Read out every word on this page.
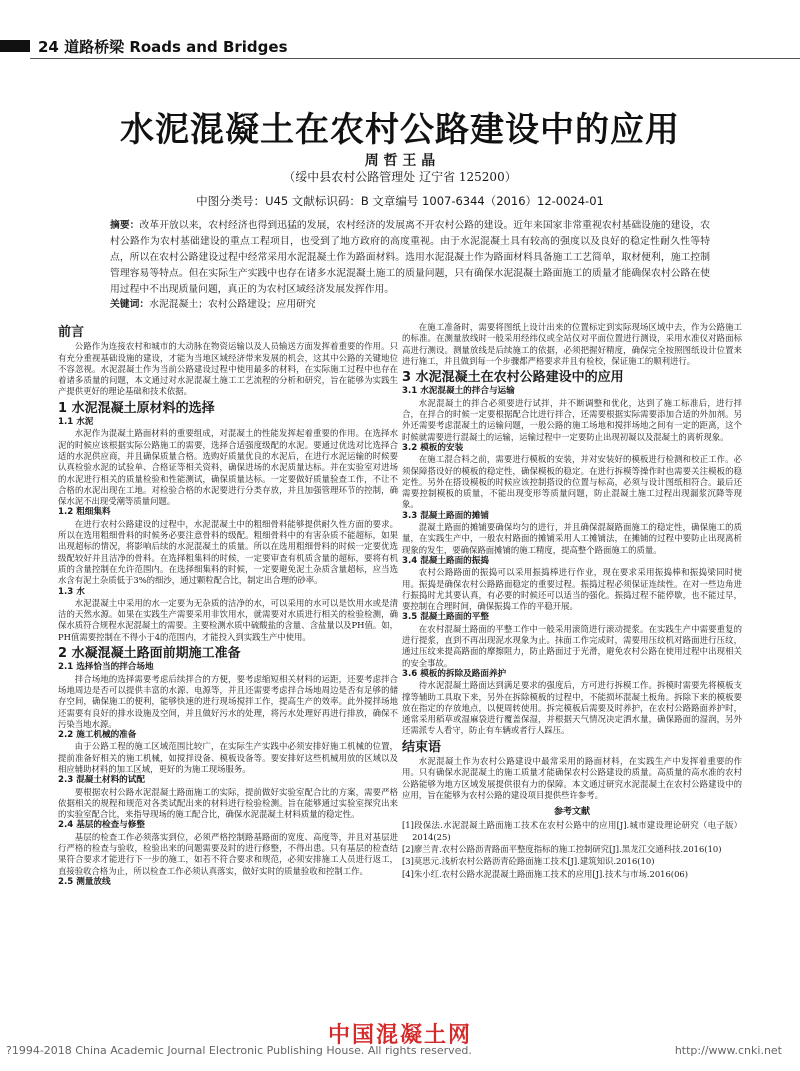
24 道路桥梁 Roads and Bridges
水泥混凝土在农村公路建设中的应用
周 哲 王 晶
（绥中县农村公路管理处 辽宁省 125200）
中图分类号：U45 文献标识码：B 文章编号 1007-6344（2016）12-0024-01
摘要：改革开放以来，农村经济也得到迅猛的发展，农村经济的发展离不开农村公路的建设。近年来国家非常重视农村基础设施的建设，农村公路作为农村基础建设的重点工程项目，也受到了地方政府的高度重视。由于水泥混凝土具有较高的强度以及良好的稳定性耐久性等特点，所以在农村公路建设过程中经常采用水泥混凝土作为路面材料。选用水泥混凝土作为路面材料具备施工工艺简单，取材便利，施工控制管理容易等特点。但在实际生产实践中也存在诸多水泥混凝土施工的质量问题，只有确保水泥混凝土路面施工的质量才能确保农村公路在使用过程中不出现质量问题，真正的为农村区域经济发展发挥作用。
关键词：水泥混凝土；农村公路建设；应用研究
前言

公路作为连接农村和城市的大动脉在物资运输以及人员输送方面发挥着重要的作用。只有充分重视基础设施的建设，才能为当地区域经济带来发展的机会，这其中公路的关键地位不容忽视。水泥混凝土作为当前公路建设过程中使用最多的材料，在实际施工过程中也存在着诸多质量的问题，本文通过对水泥混凝土施工工艺流程的分析和研究，旨在能够为实践生产提供更好的理论基础和技术依据。

1 水泥混凝土原材料的选择
1.1 水泥

水泥作为混凝土路面材料的重要组成，对混凝土的性能发挥起着重要的作用。在选择水泥的时候应该根据实际公路施工的需要，选择合适强度级配的水泥。要通过优选对比选择合适的水泥供应商，并且确保质量合格。选购好质量优良的水泥后，在进行水泥运输的时候要认真检验水泥的试验单、合格证等相关资料，确保进场的水泥质量达标。并在实验室对进场的水泥进行相关的质量检验和性能测试，确保质量达标。一定要做好质量验查工作，不让不合格的水泥出现在工地。对检验合格的水泥要进行分类存放，并且加强管理环节的控制，确保水泥不出现受潮等质量问题。

1.2 粗细集料

在进行农村公路建设的过程中，水泥混凝土中的粗细骨料能够提供耐久性方面的要求。所以在选用粗细骨料的时候务必要注意骨料的级配。粗细骨料中的有害杂质不能超标，如果出现超标的情况，将影响后续的水泥混凝土的质量。所以在选用粗细骨料的时候一定要优选级配较好并且洁净的骨料。在选择粗集料的时候，一定要审查有机质含量的超标，要将有机质的含量控制在允许范围内。在选择细集料的时候，一定要避免泥土杂质含量超标，应当选水含有泥土杂质低于3%的细沙，通过颗粒配合比，制定出合理的砂率。

1.3 水

水泥混凝土中采用的水一定要为无杂质的洁净的水，可以采用的水可以是饮用水或是清洁的天然水源。如果在实践生产需要采用非饮用水，就需要对水质进行相关的检验检测，确保水质符合规程水泥混凝土的需要。主要检测水质中硫酸盐的含量、含盐量以及PH值。如，PH值需要控制在不得小于4的范围内，才能投入到实践生产中使用。

2 水凝混凝土路面前期施工准备
2.1 选择恰当的拌合场地

拌合场地的选择需要考虑后续拌合的方便，要考虑缩短相关材料的运距，还要考虑拌合场地周边是否可以提供丰富的水源、电源等，并且还需要考虑拌合场地周边是否有足够的储存空间，确保施工的便利，能够快速的进行现场搅拌工作，提高生产的效率。此外搅拌场地还需要有良好的排水设施及空间，并且做好污水的处理，将污水处理好再进行排放，确保不污染当地水源。

2.2 施工机械的准备

由于公路工程的施工区域范围比较广，在实际生产实践中必须安排好施工机械的位置，提前准备好相关的施工机械，如搅拌设备、模板设备等。要安排好这些机械用放的区域以及相应辅助材料的加工区域，更好的为施工现场服务。

2.3 混凝土材料的试配

要根据农村公路水泥混凝土路面施工的实际，提前做好实验室配合比的方案，需要严格依据相关的规程和规范对各类试配出来的材料进行检验检测。旨在能够通过实验室探究出来的实验室配合比，来指导现场的施工配合比，确保水泥混凝土材料质量的稳定性。

2.4 基层的检查与修整

基层的检查工作必须落实到位，必须严格控制路基路面的宽度、高度等，并且对基层进行严格的检查与验收，检验出来的问题需要及时的进行修整，不得出患。只有基层的检查结果符合要求才能进行下一步的施工，如若不符合要求和规范，必须安排施工人员进行返工，直接验收合格为止，所以检查工作必须认真落实，做好实时的质量验收和控制工作。

2.5 测量放线

在施工准备时，需要将图纸上设计出来的位置标定到实际现场区域中去，作为公路施工的标准。在测量放线时一般采用经纬仪或全站仪对平面位置进行测设，采用水准仪对路面标高进行测设。测量放线是后续施工的依据，必须把握好精度，确保完全按照图纸设计位置来进行施工，并且做到每一个步骤都严格要求并且有检校，保证施工的顺利进行。

3 水泥混凝土在农村公路建设中的应用
3.1 水泥混凝土的拌合与运输

水泥混凝土的拌合必须要进行试拌，并不断调整和优化，达到了施工标准后，进行拌合，在拌合的时候一定要根据配合比进行拌合，还需要根据实际需要添加合适的外加剂。另外还需要考虑混凝土的运输问题，一般公路的施工场地和搅拌场地之间有一定的距离，这个时候就需要进行混凝土的运输，运输过程中一定要防止出现初凝以及混凝土的离析现象。

3.2 模板的安装

在施工混合料之前，需要进行模板的安装，并对安装好的模板进行检测和校正工作。必须保障搭设好的模板的稳定性，确保模板的稳定。在进行拆模等操作时也需要关注模板的稳定性。另外在搭设模板的时候应该控制搭设的位置与标高，必须与设计图纸相符合。最后还需要控制模板的质量，不能出现变形等质量问题，防止混凝土施工过程出现漏浆沉降等现象。

3.3 混凝土路面的摊铺

混凝土路面的摊铺要确保均匀的进行，并且确保混凝路面施工的稳定性，确保施工的质量，在实践生产中，一般农村路面的摊铺采用人工摊铺法，在摊铺的过程中要防止出现离析现象的发生，要确保路面摊铺的施工精度，提高整个路面施工的质量。

3.4 混凝土路面的振捣

农村公路路面的振捣可以采用振捣棒进行作业，现在要求采用振捣棒和振捣梁同时使用。振捣是确保农村公路路面稳定的重要过程。振捣过程必须保证连续性。在对一些边角进行振捣时尤其要认真，有必要的时候还可以适当的强化。振捣过程不能停歇，也不能过早，要控制在合理时间，确保振捣工作的平稳开展。

3.5 混凝土路面的平整

在农村混凝土路面的平整工作中一般采用滚筒进行滚动提浆。在实践生产中需要重复的进行提浆，直到不再出现泥水现象为止。抹面工作完成时，需要用压纹机对路面进行压纹，通过压纹来提高路面的摩擦阻力，防止路面过于光滑，避免农村公路在使用过程中出现相关的安全事故。

3.6 模板的拆除及路面养护

待水泥混凝土路面达到满足要求的强度后，方可进行拆模工作。拆模时需要先将模板支撑等辅助工具取下来，另外在拆除模板的过程中，不能损坏混凝土板角。拆除下来的模板要放在指定的存放地点，以便周转使用。拆完模板后需要及时养护，在农村公路路面养护时，通常采用稻草或湿麻袋进行覆盖保湿，并根据天气情况决定洒水量，确保路面的湿润，另外还需派专人看守，防止有车辆或者行人踩压。

结束语

水泥混凝土作为农村公路建设中最常采用的路面材料，在实践生产中发挥着重要的作用。只有确保水泥混凝土的施工质量才能确保农村公路建设的质量。高质量的高水准的农村公路能够为地方区域发展提供很有力的保障。本文通过研究水泥混凝土在农村公路建设中的应用，旨在能够为农村公路的建设项目提供些许参考。

参考文献

[1]段保法.水泥混凝土路面施工技术在农村公路中的应用[J].城市建设理论研究（电子版）2014(25)

[2]廖兰青.农村公路沥青路面平整度指标的施工控制研究[J].黑龙江交通科技.2016(10)

[3]莫思元.浅析农村公路沥青砼路面施工技术[J].建筑知识.2016(10)

[4]朱小红.农村公路水泥混凝土路面施工技术的应用[J].技术与市场.2016(06)

中国混凝土网
?1994-2018 China Academic Journal Electronic Publishing House. All rights reserved.	http://www.cnki.net
